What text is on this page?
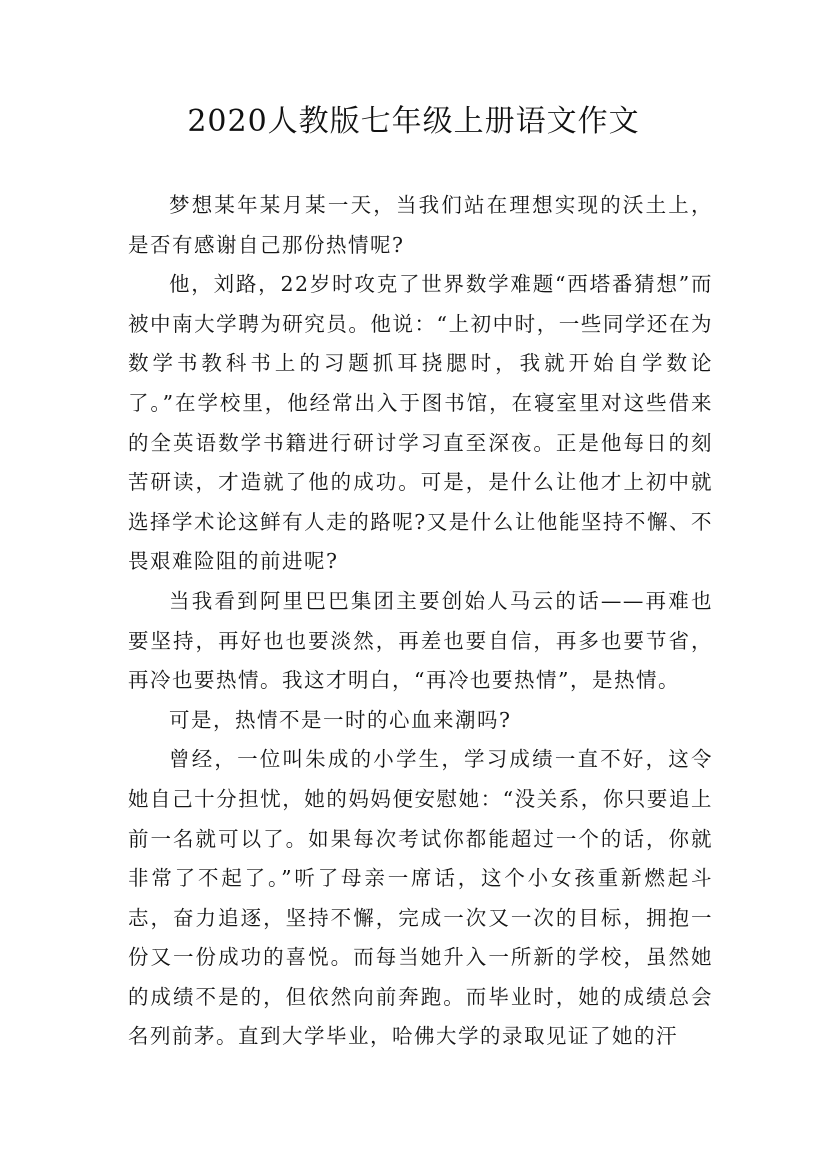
2020人教版七年级上册语文作文

梦想某年某月某一天，当我们站在理想实现的沃土上，是否有感谢自己那份热情呢?

他，刘路，22岁时攻克了世界数学难题“西塔番猜想”而被中南大学聘为研究员。他说：“上初中时，一些同学还在为数学书教科书上的习题抓耳挠腮时，我就开始自学数论了。”在学校里，他经常出入于图书馆，在寝室里对这些借来的全英语数学书籍进行研讨学习直至深夜。正是他每日的刻苦研读，才造就了他的成功。可是，是什么让他才上初中就选择学术论这鲜有人走的路呢?又是什么让他能坚持不懈、不畏艰难险阻的前进呢?

当我看到阿里巴巴集团主要创始人马云的话——再难也要坚持，再好也也要淡然，再差也要自信，再多也要节省，再冷也要热情。我这才明白，“再冷也要热情”，是热情。

可是，热情不是一时的心血来潮吗?

曾经，一位叫朱成的小学生，学习成绩一直不好，这令她自己十分担忧，她的妈妈便安慰她：“没关系，你只要追上前一名就可以了。如果每次考试你都能超过一个的话，你就非常了不起了。”听了母亲一席话，这个小女孩重新燃起斗志，奋力追逐，坚持不懈，完成一次又一次的目标，拥抱一份又一份成功的喜悦。而每当她升入一所新的学校，虽然她的成绩不是的，但依然向前奔跑。而毕业时，她的成绩总会名列前茅。直到大学毕业，哈佛大学的录取见证了她的汗
